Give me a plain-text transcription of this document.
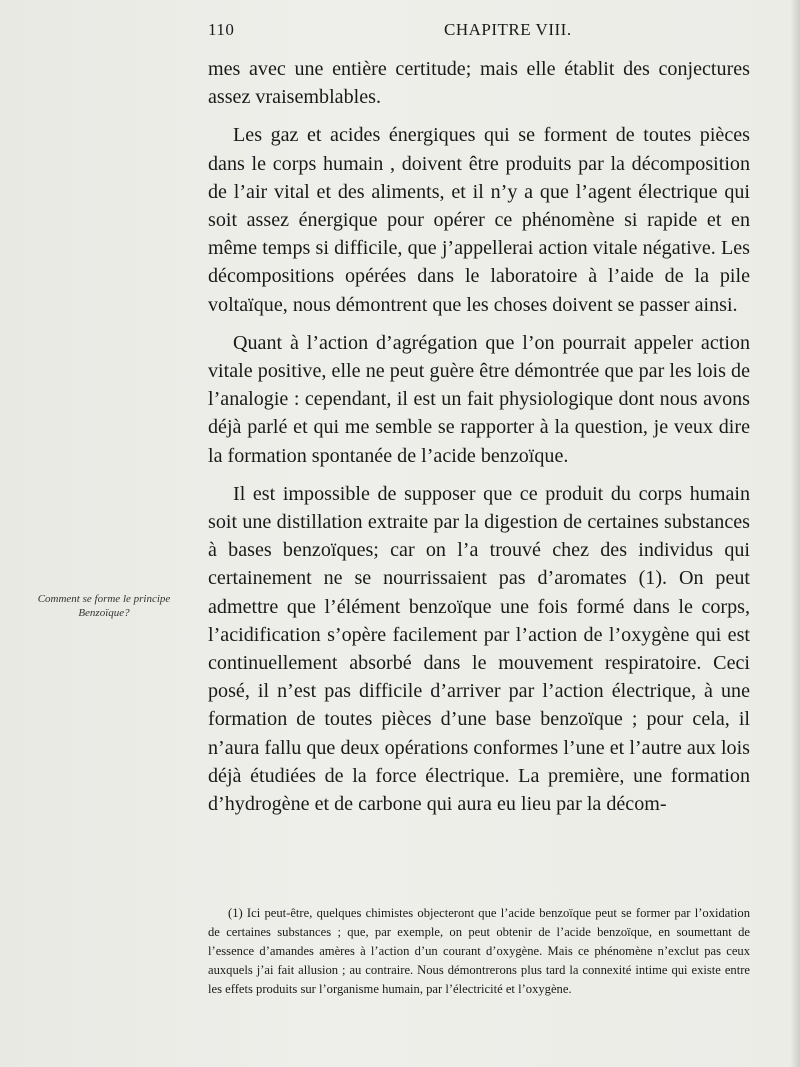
110	CHAPITRE VIII.

mes avec une entière certitude; mais elle établit des conjectures assez vraisemblables.

Les gaz et acides énergiques qui se forment de toutes pièces dans le corps humain , doivent être produits par la décomposition de l’air vital et des aliments, et il n’y a que l’agent électrique qui soit assez énergique pour opérer ce phénomène si rapide et en même temps si difficile, que j’appellerai action vitale négative. Les décompositions opérées dans le laboratoire à l’aide de la pile voltaïque, nous démontrent que les choses doivent se passer ainsi.

Quant à l’action d’agrégation que l’on pourrait appeler action vitale positive, elle ne peut guère être démontrée que par les lois de l’analogie : cependant, il est un fait physiologique dont nous avons déjà parlé et qui me semble se rapporter à la question, je veux dire la formation spontanée de l’acide benzoïque.

Il est impossible de supposer que ce produit du corps humain soit une distillation extraite par la digestion de certaines substances à bases benzoïques; car on l’a trouvé chez des individus qui certainement ne se nourrissaient pas d’aromates (1). On peut admettre que l’élément benzoïque une fois formé dans le corps, l’acidification s’opère facilement par l’action de l’oxygène qui est continuellement absorbé dans le mouvement respiratoire. Ceci posé, il n’est pas difficile d’arriver par l’action électrique, à une formation de toutes pièces d’une base benzoïque ; pour cela, il n’aura fallu que deux opérations conformes l’une et l’autre aux lois déjà étudiées de la force électrique. La première, une formation d’hydrogène et de carbone qui aura eu lieu par la décom-

Comment se forme le principe Benzoïque?
(1) Ici peut-être, quelques chimistes objecteront que l’acide benzoïque peut se former par l’oxidation de certaines substances ; que, par exemple, on peut obtenir de l’acide benzoïque, en soumettant de l’essence d’amandes amères à l’action d’un courant d’oxygène. Mais ce phénomène n’exclut pas ceux auxquels j’ai fait allusion ; au contraire. Nous démontrerons plus tard la connexité intime qui existe entre les effets produits sur l’organisme humain, par l’électricité et l’oxygène.
